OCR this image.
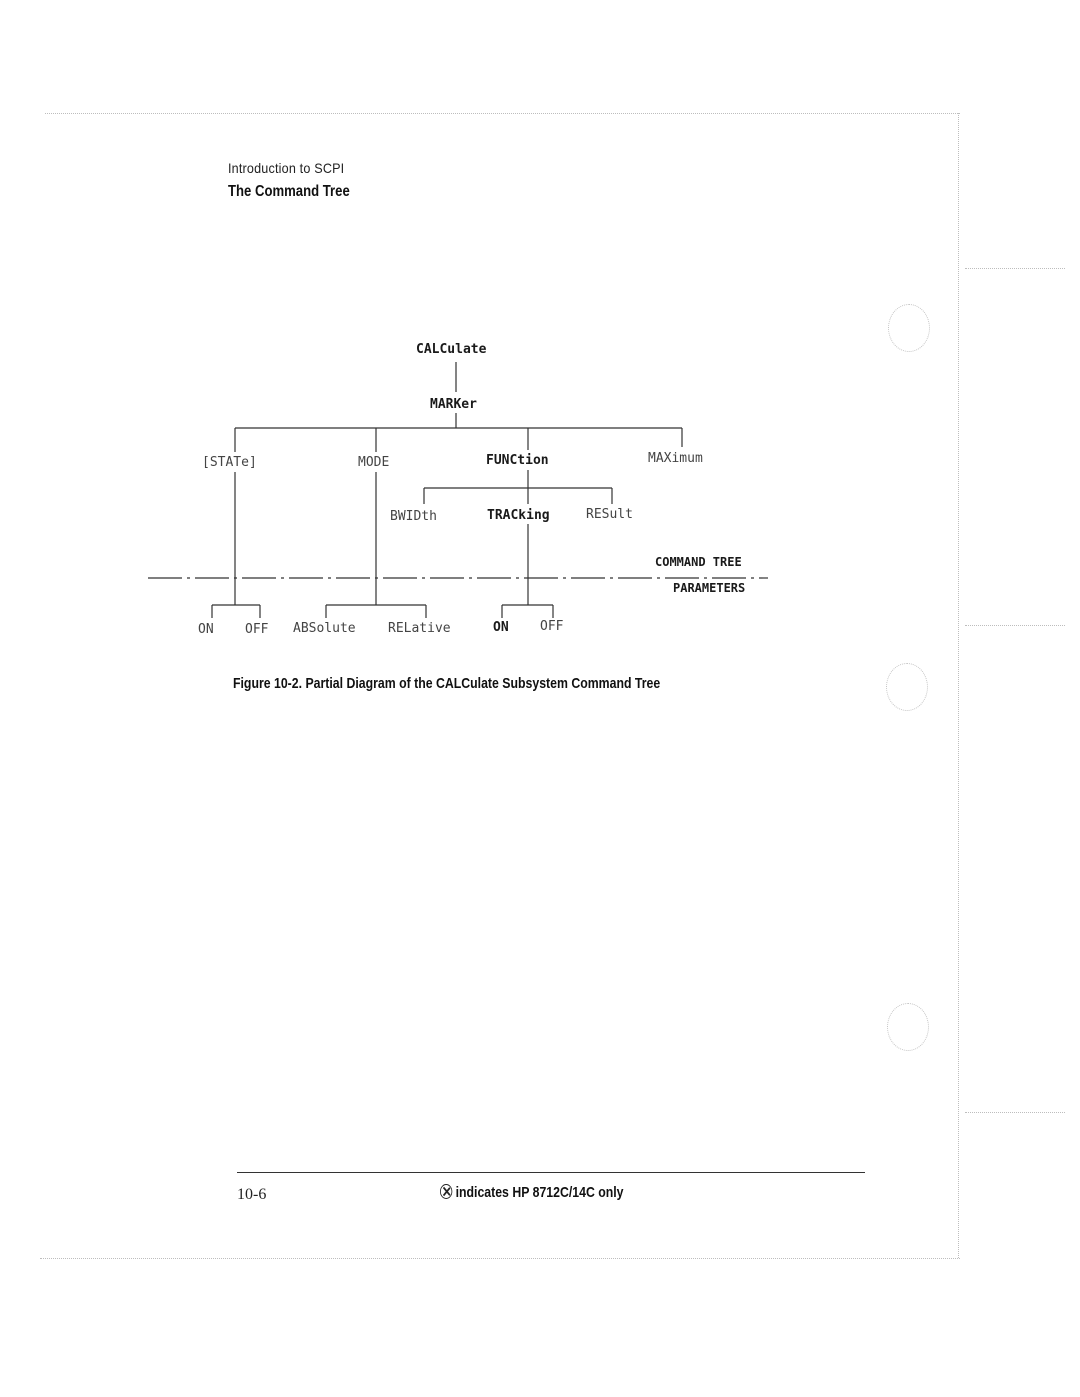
Introduction to SCPI
The Command Tree
CALCulate
MARKer
[STATe]	MODE	FUNCtion	MAXimum
BWIDth	TRACking	RESult
COMMAND TREE
PARAMETERS
ON OFF ABSolute RELative	ON OFF
Figure 10-2. Partial Diagram of the CALCulate Subsystem Command Tree
10-6	indicates HP 8712C/14C only
